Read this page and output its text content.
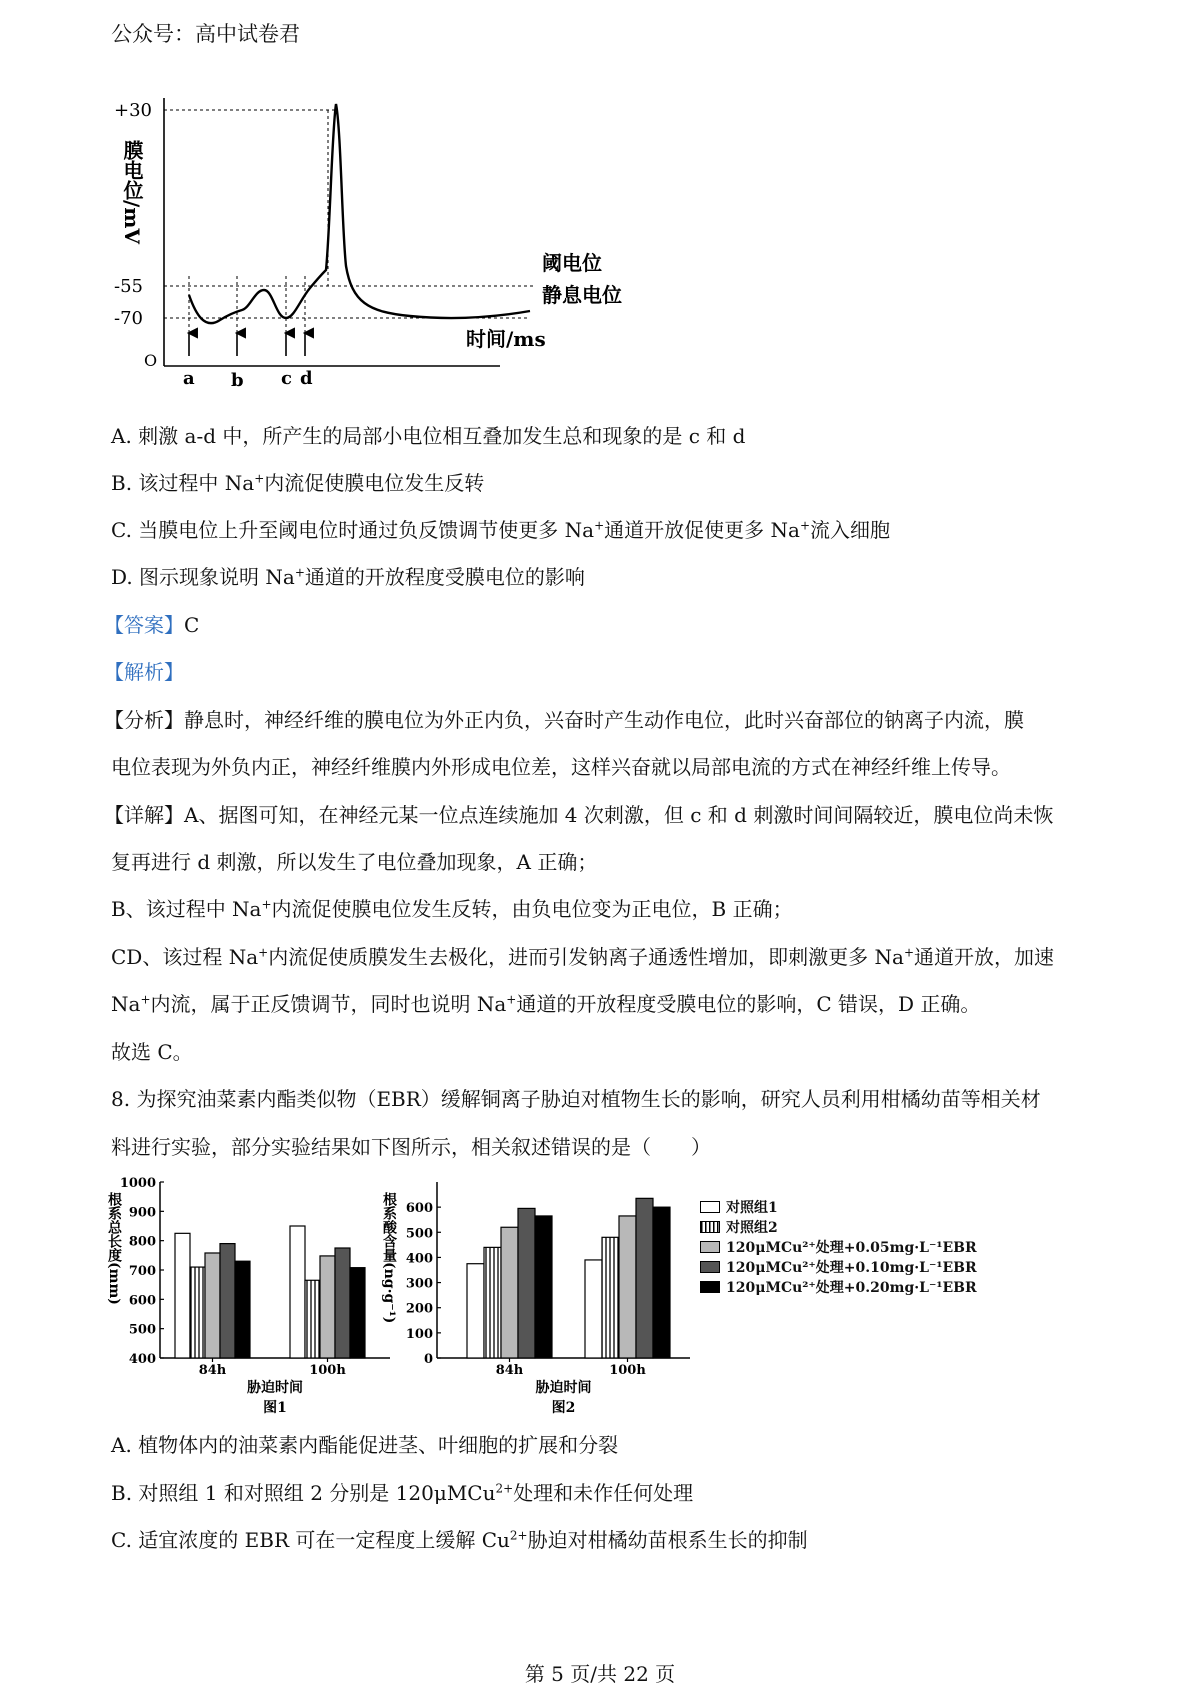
公众号：高中试卷君
+30
-55
-70
O
膜电位/mV
时间/ms
阈电位
静息电位
a b c d
A. 刺激 a-d 中，所产生的局部小电位相互叠加发生总和现象的是 c 和 d
B. 该过程中 Na+内流促使膜电位发生反转
C. 当膜电位上升至阈电位时通过负反馈调节使更多 Na+通道开放促使更多 Na+流入细胞
D. 图示现象说明 Na+通道的开放程度受膜电位的影响
【答案】C
【解析】
【分析】静息时，神经纤维的膜电位为外正内负，兴奋时产生动作电位，此时兴奋部位的钠离子内流，膜
电位表现为外负内正，神经纤维膜内外形成电位差，这样兴奋就以局部电流的方式在神经纤维上传导。
【详解】A、据图可知，在神经元某一位点连续施加 4 次刺激，但 c 和 d 刺激时间间隔较近，膜电位尚未恢
复再进行 d 刺激，所以发生了电位叠加现象，A 正确；
B、该过程中 Na+内流促使膜电位发生反转，由负电位变为正电位，B 正确；
CD、该过程 Na+内流促使质膜发生去极化，进而引发钠离子通透性增加，即刺激更多 Na+通道开放，加速
Na+内流，属于正反馈调节，同时也说明 Na+通道的开放程度受膜电位的影响，C 错误，D 正确。
故选 C。
8. 为探究油菜素内酯类似物（EBR）缓解铜离子胁迫对植物生长的影响，研究人员利用柑橘幼苗等相关材
料进行实验，部分实验结果如下图所示，相关叙述错误的是（　　）
400
500
600
700
800
900
1000
84h	100h
胁迫时间
图1
根系总长度(mm)
0
100
200
300
400
500
600
84h	100h
胁迫时间
图2
根系酸含量(ng·g⁻¹)	对照组1
对照组2
120μMCu²⁺处理+0.05mg·L⁻¹EBR
120μMCu²⁺处理+0.10mg·L⁻¹EBR
120μMCu²⁺处理+0.20mg·L⁻¹EBR
A. 植物体内的油菜素内酯能促进茎、叶细胞的扩展和分裂
B. 对照组 1 和对照组 2 分别是 120μMCu$^{2+}$处理和未作任何处理
C. 适宜浓度的 EBR 可在一定程度上缓解 $Cu^{2+}$胁迫对柑橘幼苗根系生长的抑制
第 5 页/共 22 页
